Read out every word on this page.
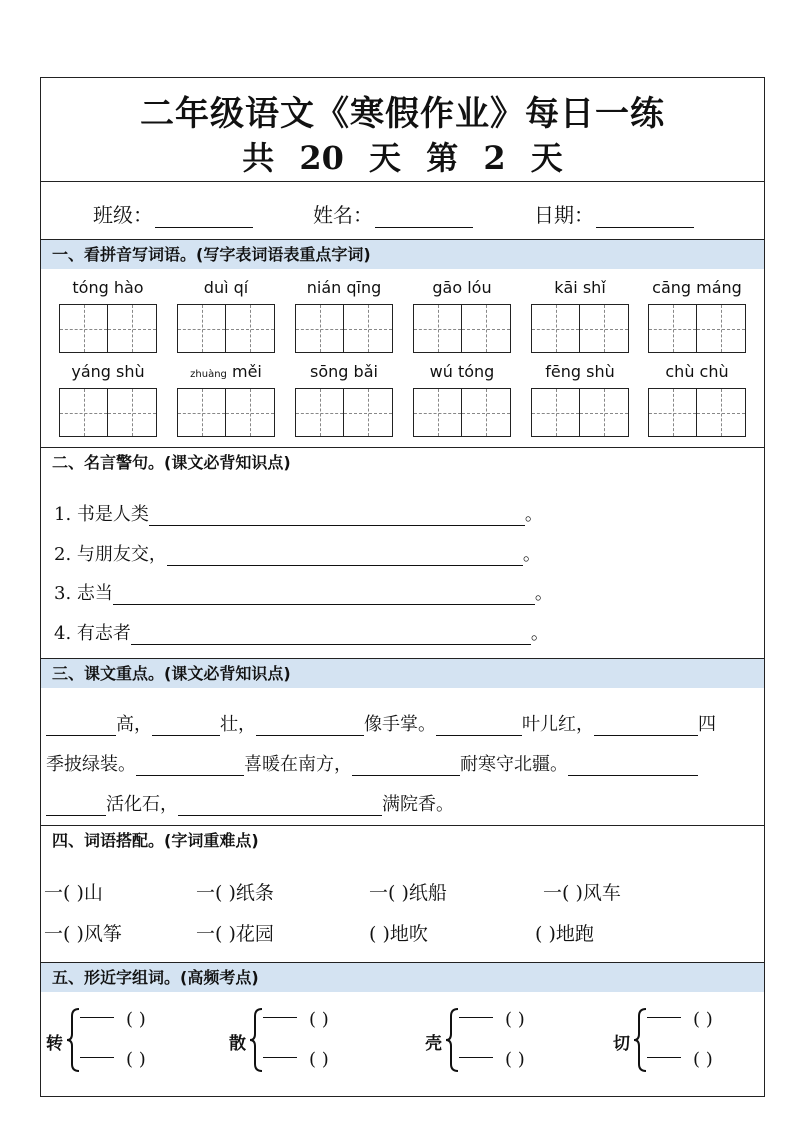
二年级语文《寒假作业》每日一练
共 20 天 第 2 天
班级：	姓名：	日期：
一、看拼音写词语。(写字表词语表重点字词)
tóng hào	duì qí	nián qīng	gāo lóu	kāi shǐ	cāng máng
yáng shù	zhuàng měi	sōng bǎi	wú tóng	fēng shù	chù chù
二、名言警句。(课文必背知识点)
1. 书是人类	。
2. 与朋友交，	。
3. 志当	。
4. 有志者	。
三、课文重点。(课文必背知识点)
高，	壮，	像手掌。	叶儿红，	四
季披绿装。	喜暖在南方，	耐寒守北疆。
活化石，	满院香。
四、词语搭配。(字词重难点)
一( )山	一( )纸条	一( )纸船	一( )风车
一( )风筝	一( )花园	( )地吹	( )地跑
五、形近字组词。(高频考点)
转
( )
( )
散
( )
( )
壳
( )
( )
切
( )
( )
